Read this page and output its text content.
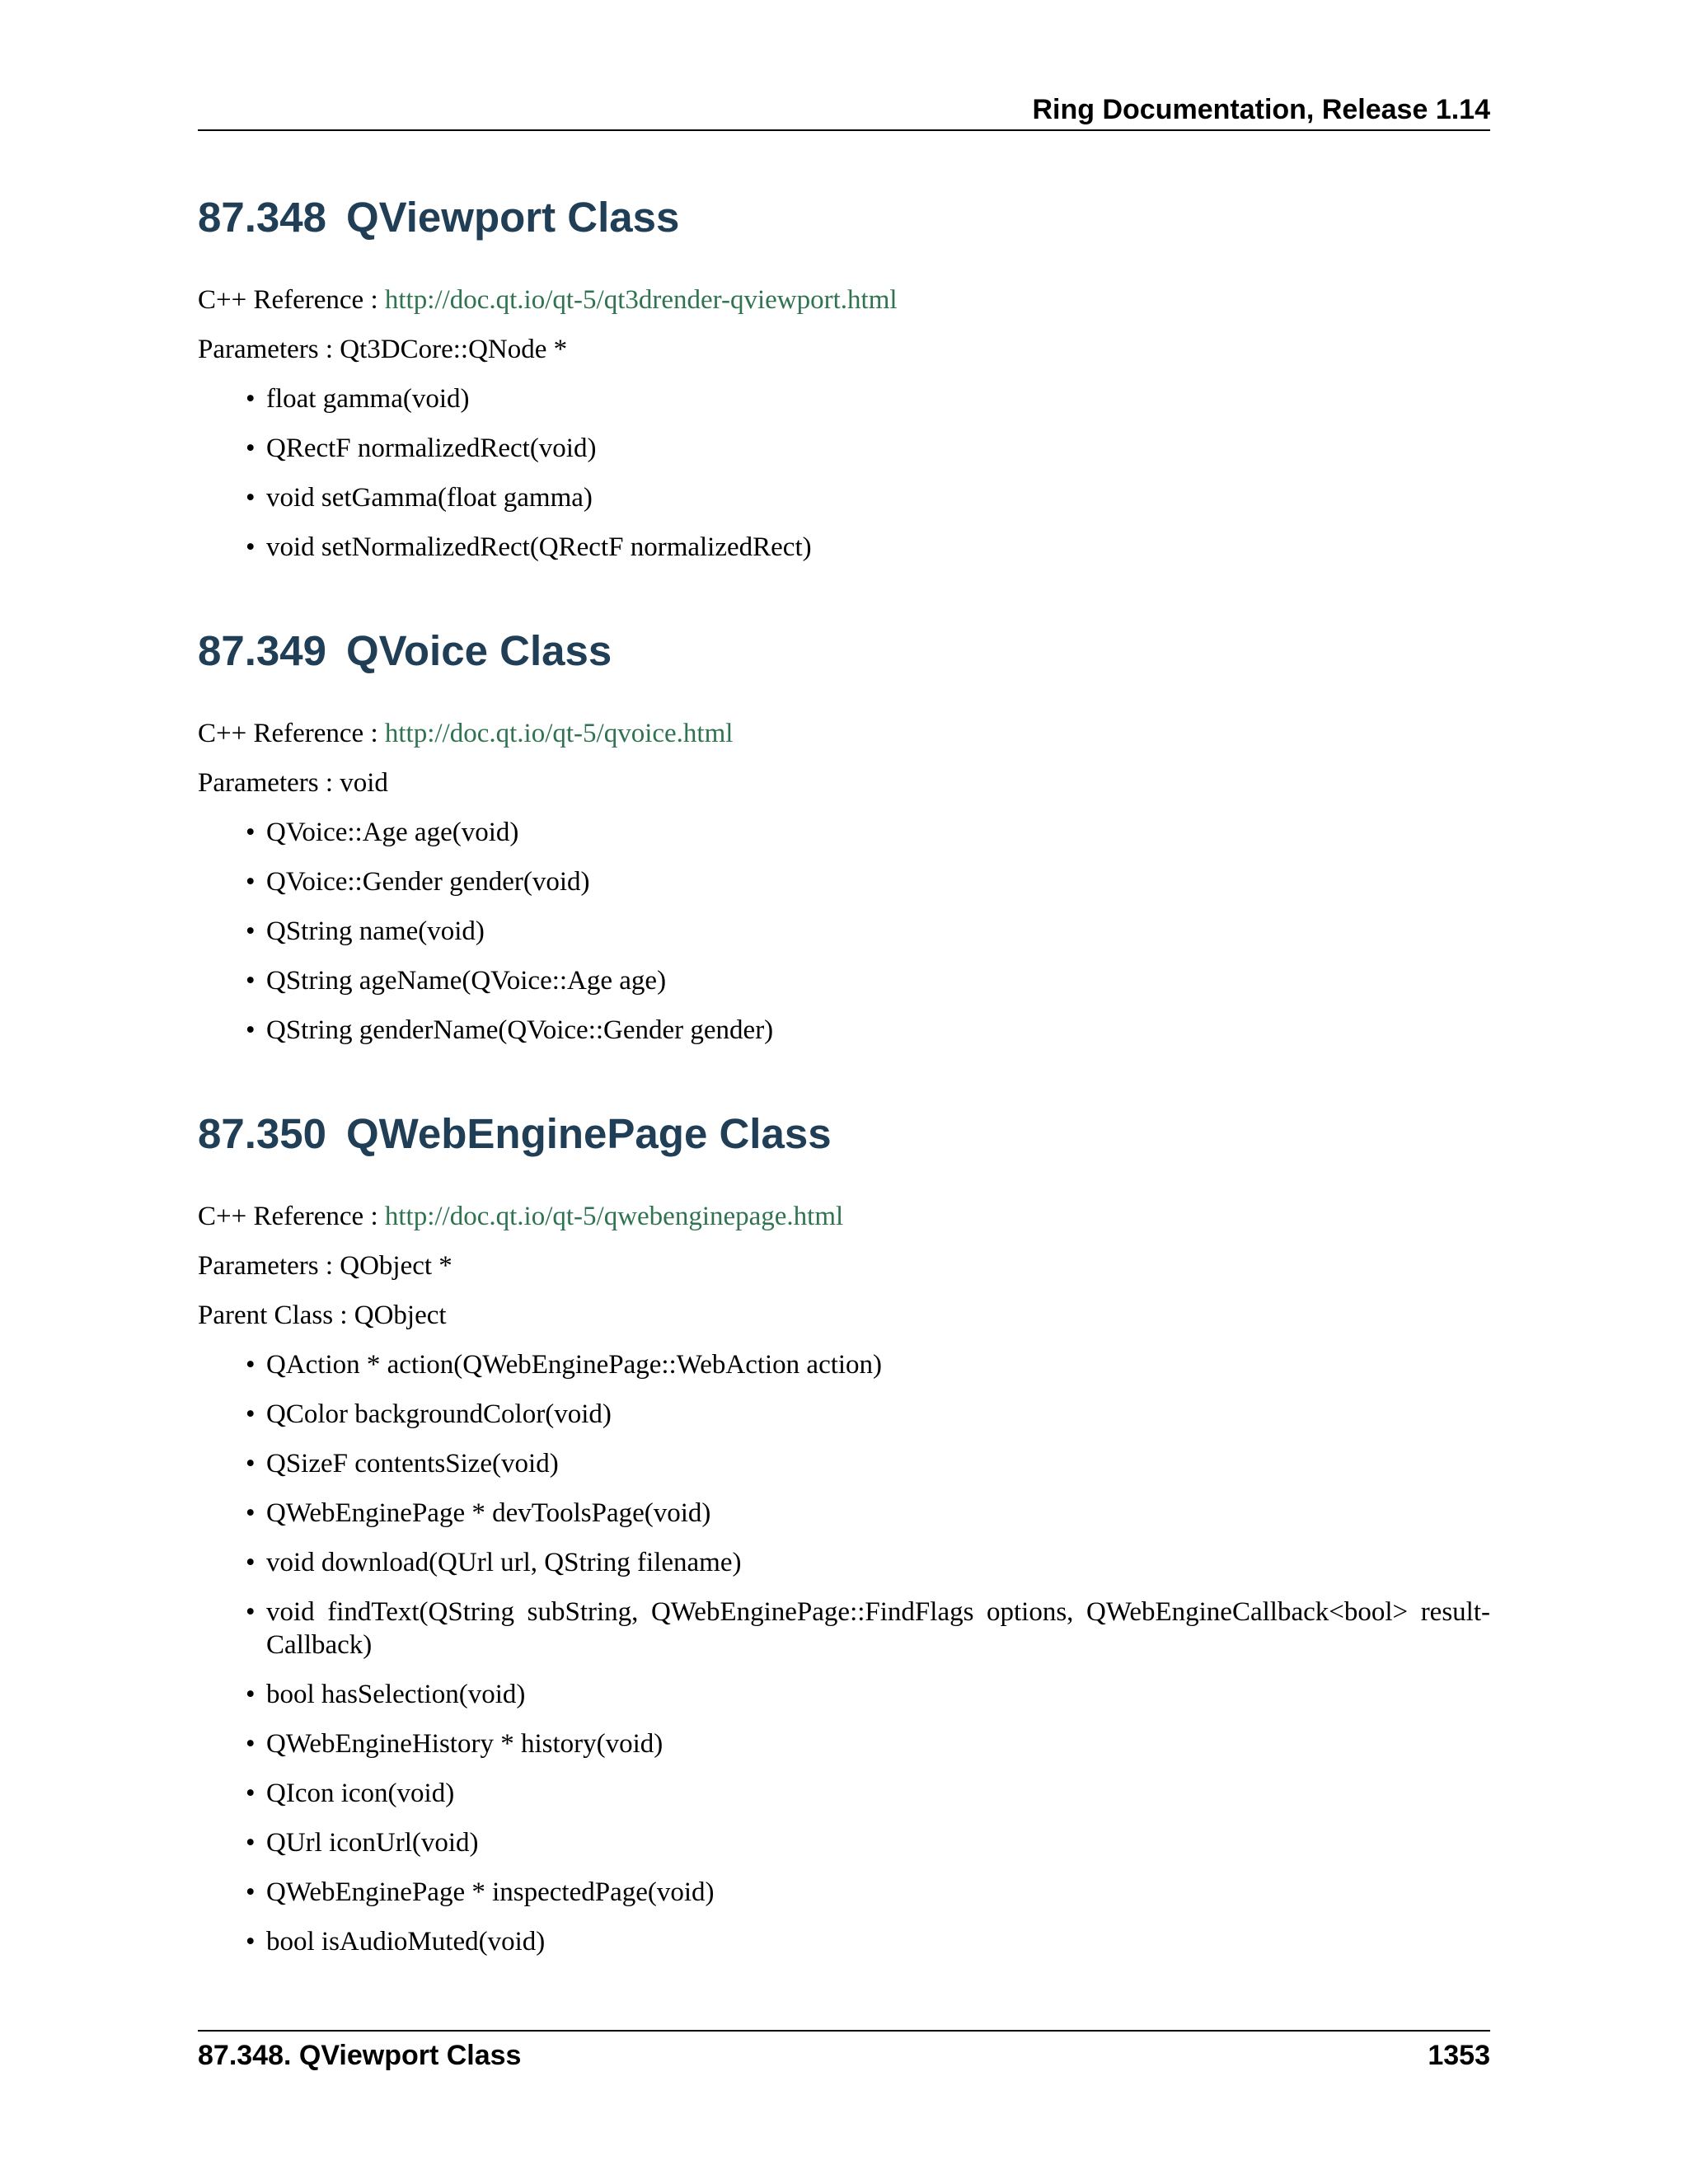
Ring Documentation, Release 1.14
87.348 QViewport Class

C++ Reference : http://doc.qt.io/qt-5/qt3drender-qviewport.html

Parameters : Qt3DCore::QNode *

• float gamma(void)
• QRectF normalizedRect(void)
• void setGamma(float gamma)
• void setNormalizedRect(QRectF normalizedRect)
87.349 QVoice Class

C++ Reference : http://doc.qt.io/qt-5/qvoice.html

Parameters : void

• QVoice::Age age(void)
• QVoice::Gender gender(void)
• QString name(void)
• QString ageName(QVoice::Age age)
• QString genderName(QVoice::Gender gender)
87.350 QWebEnginePage Class

C++ Reference : http://doc.qt.io/qt-5/qwebenginepage.html

Parameters : QObject *

Parent Class : QObject

• QAction * action(QWebEnginePage::WebAction action)
• QColor backgroundColor(void)
• QSizeF contentsSize(void)
• QWebEnginePage * devToolsPage(void)
• void download(QUrl url, QString filename)
• void findText(QString subString, QWebEnginePage::FindFlags options, QWebEngineCallback<bool> result- Callback)
• bool hasSelection(void)
• QWebEngineHistory * history(void)
• QIcon icon(void)
• QUrl iconUrl(void)
• QWebEnginePage * inspectedPage(void)
• bool isAudioMuted(void)
87.348. QViewport Class	1353
